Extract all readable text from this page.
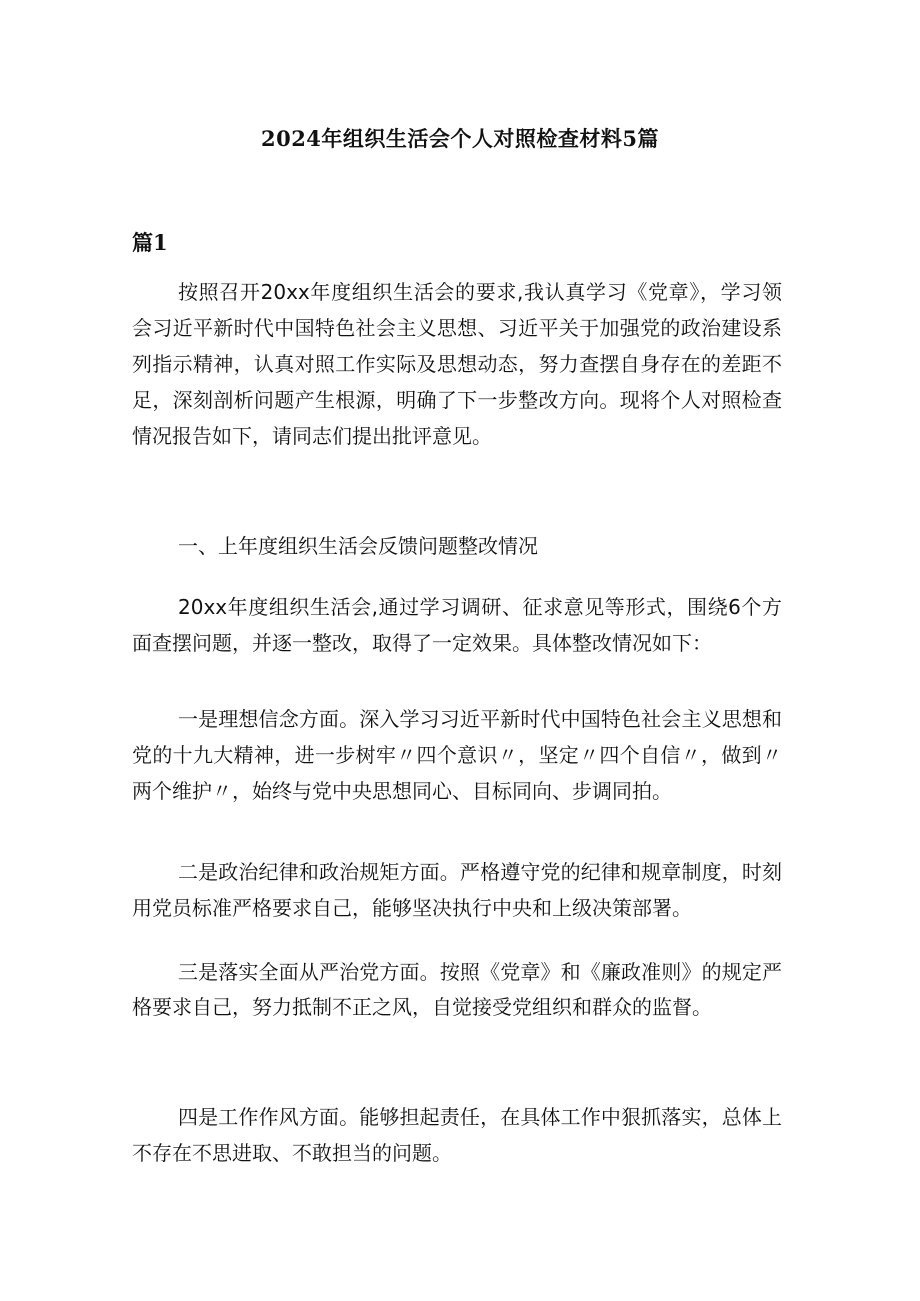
2024年组织生活会个人对照检查材料5篇
篇1

按照召开20xx年度组织生活会的要求,我认真学习《党章》，学习领会习近平新时代中国特色社会主义思想、习近平关于加强党的政治建设系列指示精神，认真对照工作实际及思想动态，努力查摆自身存在的差距不足，深刻剖析问题产生根源，明确了下一步整改方向。现将个人对照检查情况报告如下，请同志们提出批评意见。

一、上年度组织生活会反馈问题整改情况

20xx年度组织生活会,通过学习调研、征求意见等形式，围绕6个方面查摆问题，并逐一整改，取得了一定效果。具体整改情况如下：

一是理想信念方面。深入学习习近平新时代中国特色社会主义思想和党的十九大精神，进一步树牢〃四个意识〃，坚定〃四个自信〃，做到〃两个维护〃，始终与党中央思想同心、目标同向、步调同拍。

二是政治纪律和政治规矩方面。严格遵守党的纪律和规章制度，时刻用党员标准严格要求自己，能够坚决执行中央和上级决策部署。

三是落实全面从严治党方面。按照《党章》和《廉政准则》的规定严格要求自己，努力抵制不正之风，自觉接受党组织和群众的监督。

四是工作作风方面。能够担起责任，在具体工作中狠抓落实，总体上不存在不思进取、不敢担当的问题。
